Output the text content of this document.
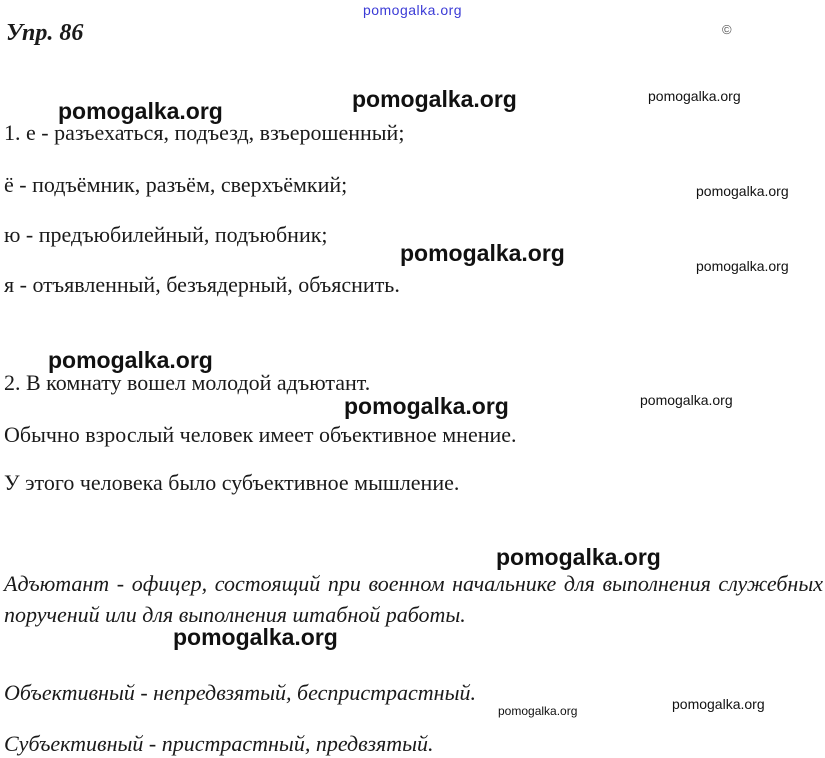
pomogalka.org
Упр. 86	©
1. е - разъехаться, подъезд, взъерошенный;
ё - подъёмник, разъём, сверхъёмкий;
ю - предъюбилейный, подъюбник;
я - отъявленный, безъядерный, объяснить.
2. В комнату вошел молодой адъютант.
Обычно взрослый человек имеет объективное мнение.
У этого человека было субъективное мышление.
Адъютант - офицер, состоящий при военном начальнике для выполнения служебных поручений или для выполнения штабной работы.
Объективный - непредвзятый, беспристрастный.
Субъективный - пристрастный, предвзятый.
pomogalka.org	pomogalka.org	pomogalka.org
pomogalka.org
pomogalka.org	pomogalka.org
pomogalka.org
pomogalka.org	pomogalka.org
pomogalka.org
pomogalka.org
pomogalka.org
pomogalka.org
